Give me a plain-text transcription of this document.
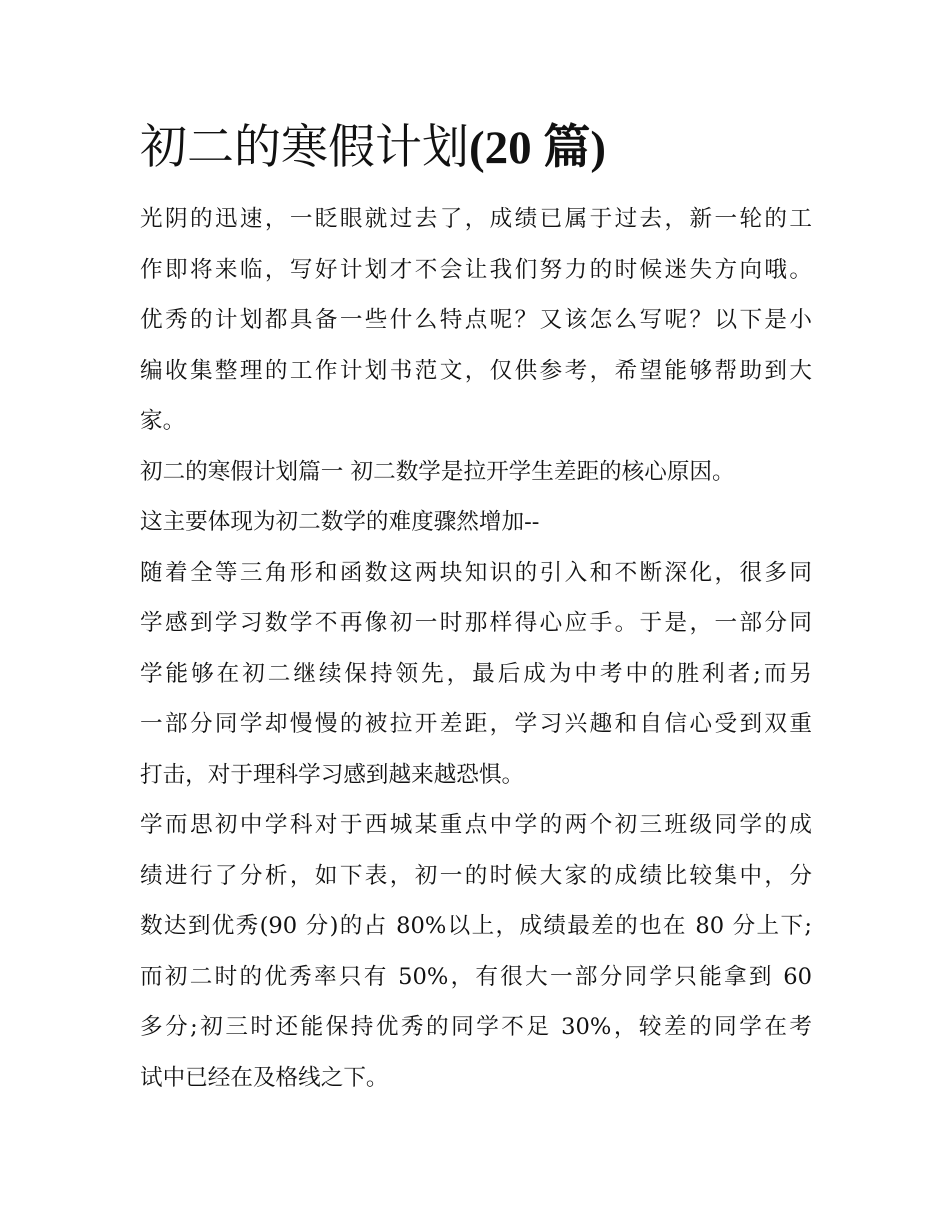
初二的寒假计划(20 篇)

光阴的迅速，一眨眼就过去了，成绩已属于过去，新一轮的工
作即将来临，写好计划才不会让我们努力的时候迷失方向哦。
优秀的计划都具备一些什么特点呢？又该怎么写呢？以下是小
编收集整理的工作计划书范文，仅供参考，希望能够帮助到大
家。

初二的寒假计划篇一 初二数学是拉开学生差距的核心原因。

这主要体现为初二数学的难度骤然增加--

随着全等三角形和函数这两块知识的引入和不断深化，很多同
学感到学习数学不再像初一时那样得心应手。于是，一部分同
学能够在初二继续保持领先，最后成为中考中的胜利者;而另
一部分同学却慢慢的被拉开差距，学习兴趣和自信心受到双重
打击，对于理科学习感到越来越恐惧。

学而思初中学科对于西城某重点中学的两个初三班级同学的成
绩进行了分析，如下表，初一的时候大家的成绩比较集中，分
数达到优秀(90 分)的占 80%以上，成绩最差的也在 80 分上下;
而初二时的优秀率只有 50%，有很大一部分同学只能拿到 60
多分;初三时还能保持优秀的同学不足 30%，较差的同学在考
试中已经在及格线之下。
